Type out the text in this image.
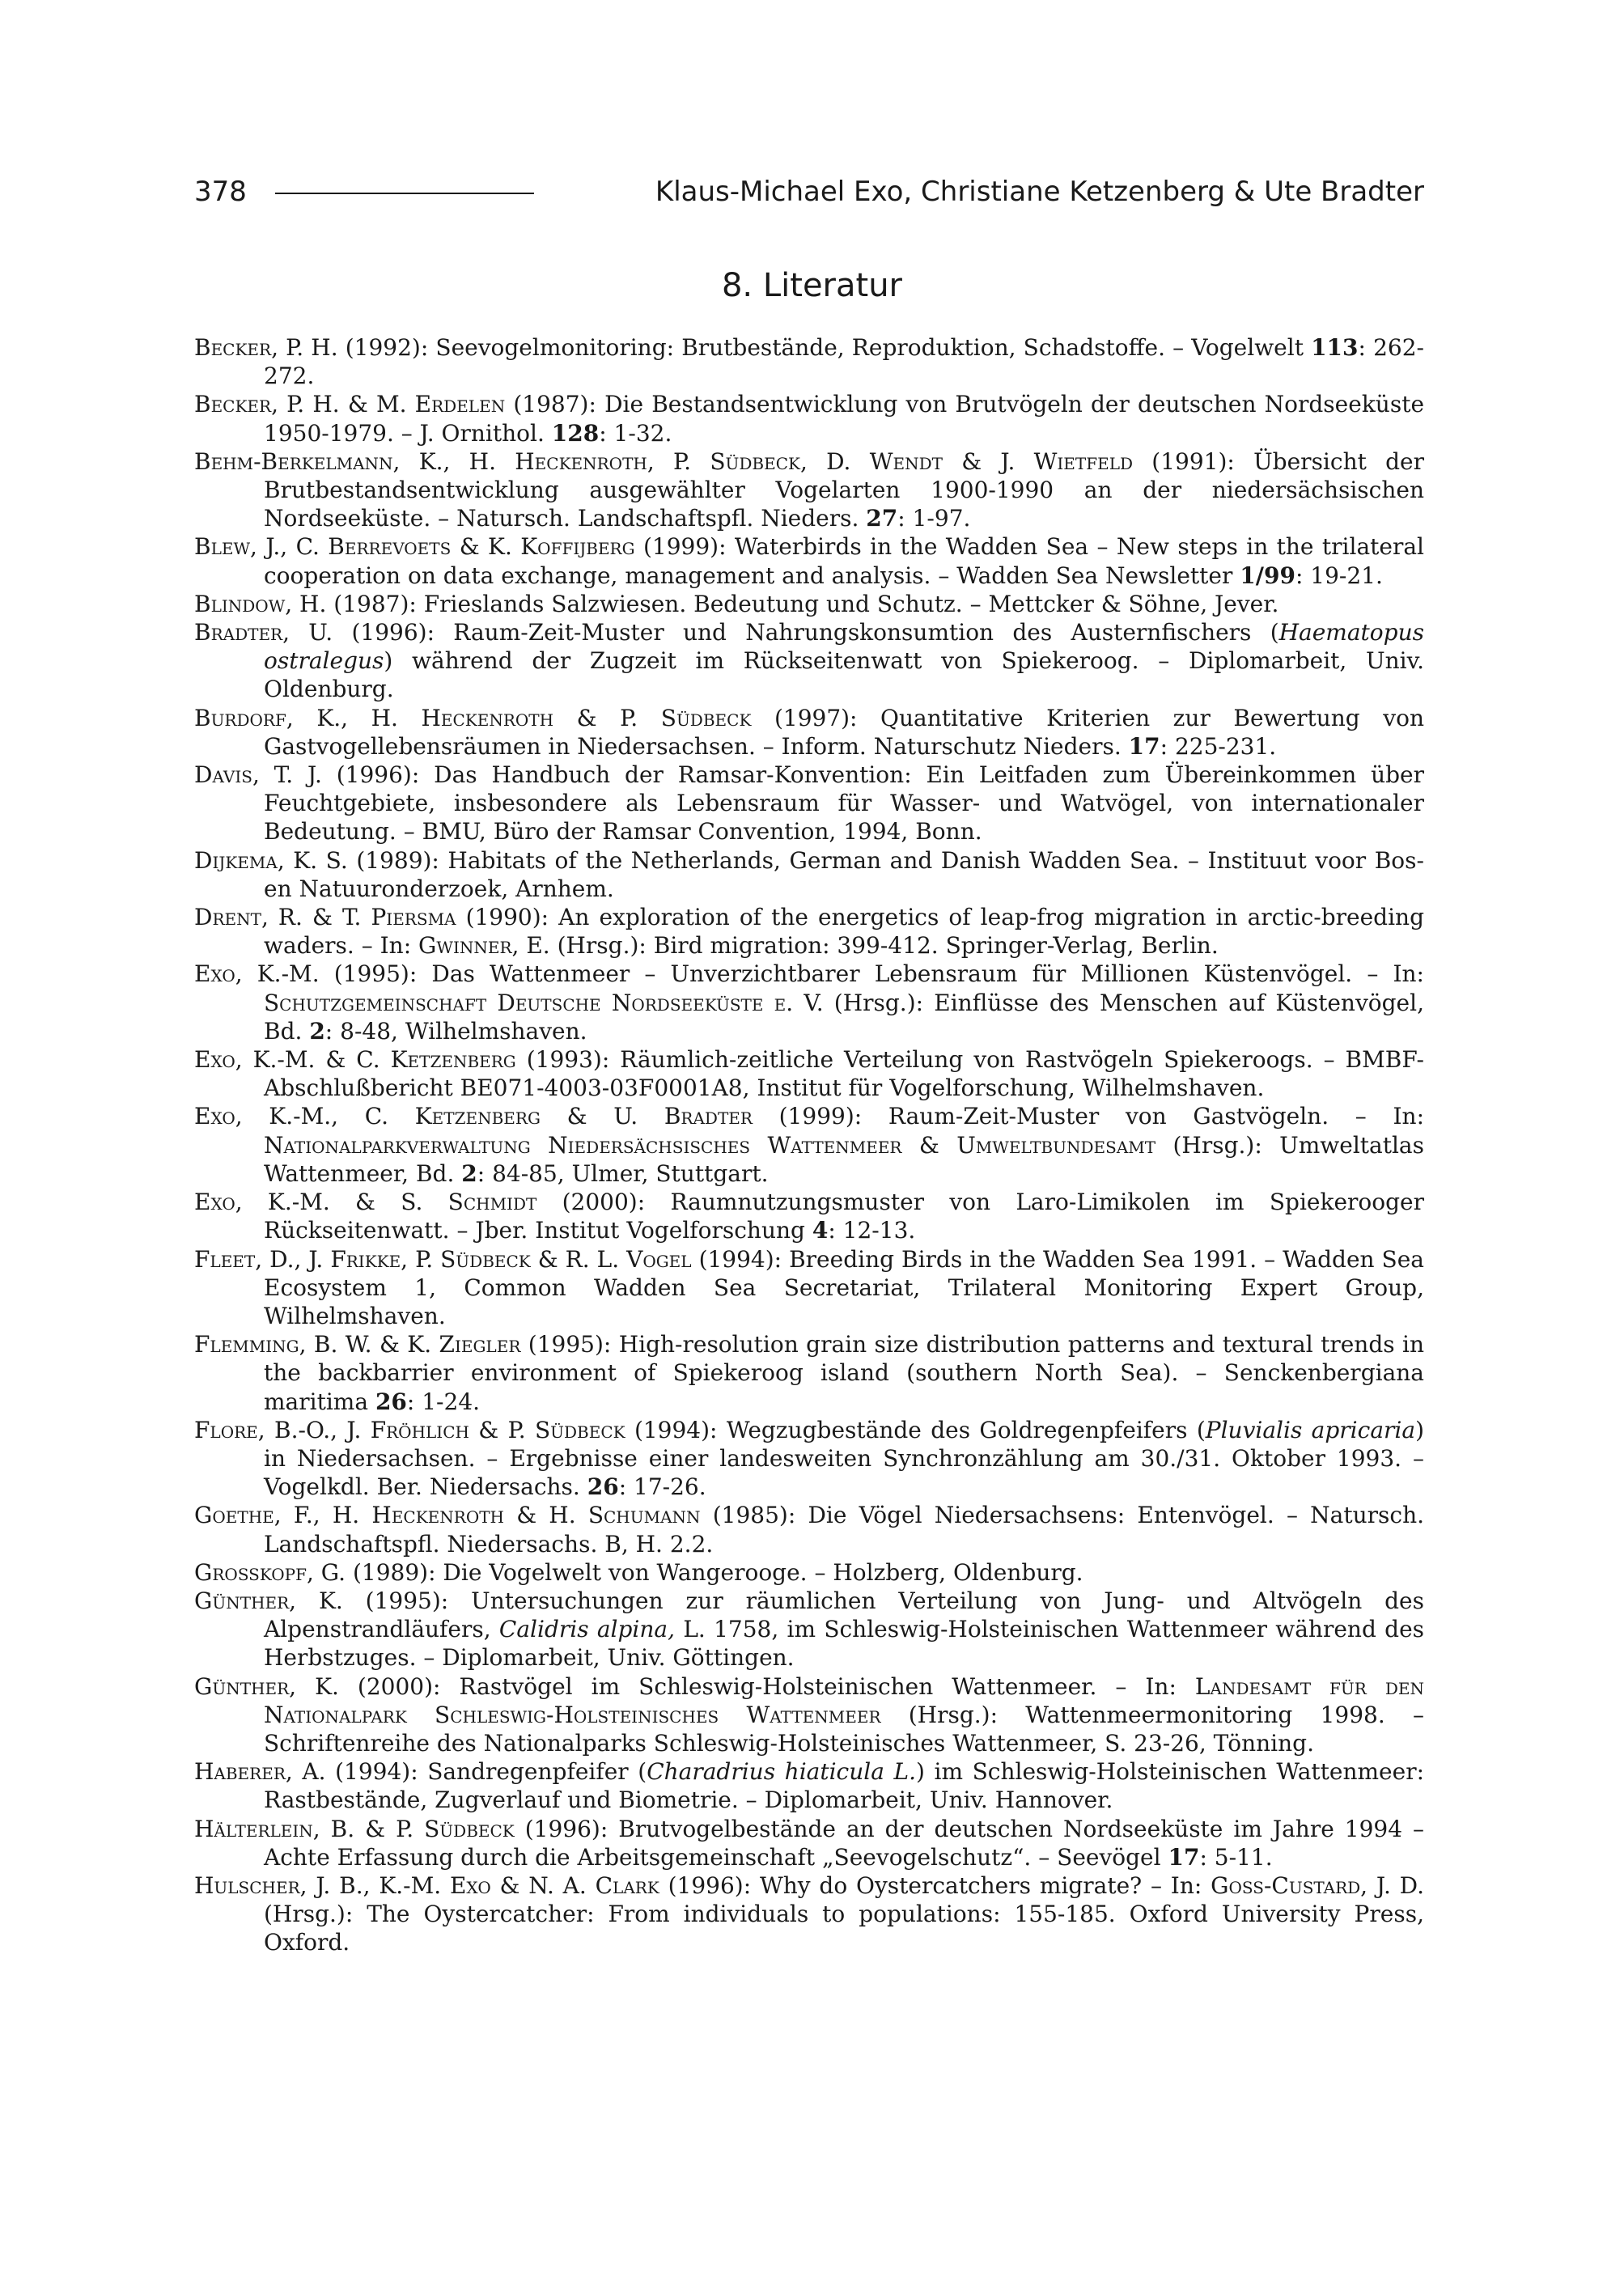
378	Klaus-Michael Exo, Christiane Ketzenberg & Ute Bradter
8. Literatur
Becker, P. H. (1992): Seevogelmonitoring: Brutbestände, Reproduktion, Schadstoffe. – Vogelwelt 113: 262-272.
Becker, P. H. & M. Erdelen (1987): Die Bestandsentwicklung von Brutvögeln der deutschen Nordseeküste 1950-1979. – J. Ornithol. 128: 1-32.
Behm-Berkelmann, K., H. Heckenroth, P. Südbeck, D. Wendt & J. Wietfeld (1991): Übersicht der Brutbestandsentwicklung ausgewählter Vogelarten 1900-1990 an der niedersächsischen Nordseeküste. – Natursch. Landschaftspfl. Nieders. 27: 1-97.
Blew, J., C. Berrevoets & K. Koffijberg (1999): Waterbirds in the Wadden Sea – New steps in the trilateral cooperation on data exchange, management and analysis. – Wadden Sea Newsletter 1/99: 19-21.
Blindow, H. (1987): Frieslands Salzwiesen. Bedeutung und Schutz. – Mettcker & Söhne, Jever.
Bradter, U. (1996): Raum-Zeit-Muster und Nahrungskonsumtion des Austernfischers (Haematopus ostralegus) während der Zugzeit im Rückseitenwatt von Spiekeroog. – Diplomarbeit, Univ. Oldenburg.
Burdorf, K., H. Heckenroth & P. Südbeck (1997): Quantitative Kriterien zur Bewertung von Gastvogellebensräumen in Niedersachsen. – Inform. Naturschutz Nieders. 17: 225-231.
Davis, T. J. (1996): Das Handbuch der Ramsar-Konvention: Ein Leitfaden zum Übereinkommen über Feuchtgebiete, insbesondere als Lebensraum für Wasser- und Watvögel, von internationaler Bedeutung. – BMU, Büro der Ramsar Convention, 1994, Bonn.
Dijkema, K. S. (1989): Habitats of the Netherlands, German and Danish Wadden Sea. – Instituut voor Bos- en Natuuronderzoek, Arnhem.
Drent, R. & T. Piersma (1990): An exploration of the energetics of leap-frog migration in arctic-breeding waders. – In: Gwinner, E. (Hrsg.): Bird migration: 399-412. Springer-Verlag, Berlin.
Exo, K.-M. (1995): Das Wattenmeer – Unverzichtbarer Lebensraum für Millionen Küstenvögel. – In: Schutzgemeinschaft Deutsche Nordseeküste e. V. (Hrsg.): Einflüsse des Menschen auf Küstenvögel, Bd. 2: 8-48, Wilhelmshaven.
Exo, K.-M. & C. Ketzenberg (1993): Räumlich-zeitliche Verteilung von Rastvögeln Spiekeroogs. – BMBF-Abschlußbericht BE071-4003-03F0001A8, Institut für Vogelforschung, Wilhelmshaven.
Exo, K.-M., C. Ketzenberg & U. Bradter (1999): Raum-Zeit-Muster von Gastvögeln. – In: Nationalparkverwaltung Niedersächsisches Wattenmeer & Umweltbundesamt (Hrsg.): Umweltatlas Wattenmeer, Bd. 2: 84-85, Ulmer, Stuttgart.
Exo, K.-M. & S. Schmidt (2000): Raumnutzungsmuster von Laro-Limikolen im Spiekerooger Rückseitenwatt. – Jber. Institut Vogelforschung 4: 12-13.
Fleet, D., J. Frikke, P. Südbeck & R. L. Vogel (1994): Breeding Birds in the Wadden Sea 1991. – Wadden Sea Ecosystem 1, Common Wadden Sea Secretariat, Trilateral Monitoring Expert Group, Wilhelmshaven.
Flemming, B. W. & K. Ziegler (1995): High-resolution grain size distribution patterns and textural trends in the backbarrier environment of Spiekeroog island (southern North Sea). – Senckenbergiana maritima 26: 1-24.
Flore, B.-O., J. Fröhlich & P. Südbeck (1994): Wegzugbestände des Goldregenpfeifers (Pluvialis apricaria) in Niedersachsen. – Ergebnisse einer landesweiten Synchronzählung am 30./31. Oktober 1993. – Vogelkdl. Ber. Niedersachs. 26: 17-26.
Goethe, F., H. Heckenroth & H. Schumann (1985): Die Vögel Niedersachsens: Entenvögel. – Natursch. Landschaftspfl. Niedersachs. B, H. 2.2.
Großkopf, G. (1989): Die Vogelwelt von Wangerooge. – Holzberg, Oldenburg.
Günther, K. (1995): Untersuchungen zur räumlichen Verteilung von Jung- und Altvögeln des Alpenstrandläufers, Calidris alpina, L. 1758, im Schleswig-Holsteinischen Wattenmeer während des Herbstzuges. – Diplomarbeit, Univ. Göttingen.
Günther, K. (2000): Rastvögel im Schleswig-Holsteinischen Wattenmeer. – In: Landesamt für den Nationalpark Schleswig-Holsteinisches Wattenmeer (Hrsg.): Wattenmeermonitoring 1998. – Schriftenreihe des Nationalparks Schleswig-Holsteinisches Wattenmeer, S. 23-26, Tönning.
Haberer, A. (1994): Sandregenpfeifer (Charadrius hiaticula L.) im Schleswig-Holsteinischen Wattenmeer: Rastbestände, Zugverlauf und Biometrie. – Diplomarbeit, Univ. Hannover.
Hälterlein, B. & P. Südbeck (1996): Brutvogelbestände an der deutschen Nordseeküste im Jahre 1994 – Achte Erfassung durch die Arbeitsgemeinschaft „Seevogelschutz“. – Seevögel 17: 5-11.
Hulscher, J. B., K.-M. Exo & N. A. Clark (1996): Why do Oystercatchers migrate? – In: Goss-Custard, J. D. (Hrsg.): The Oystercatcher: From individuals to populations: 155-185. Oxford University Press, Oxford.
